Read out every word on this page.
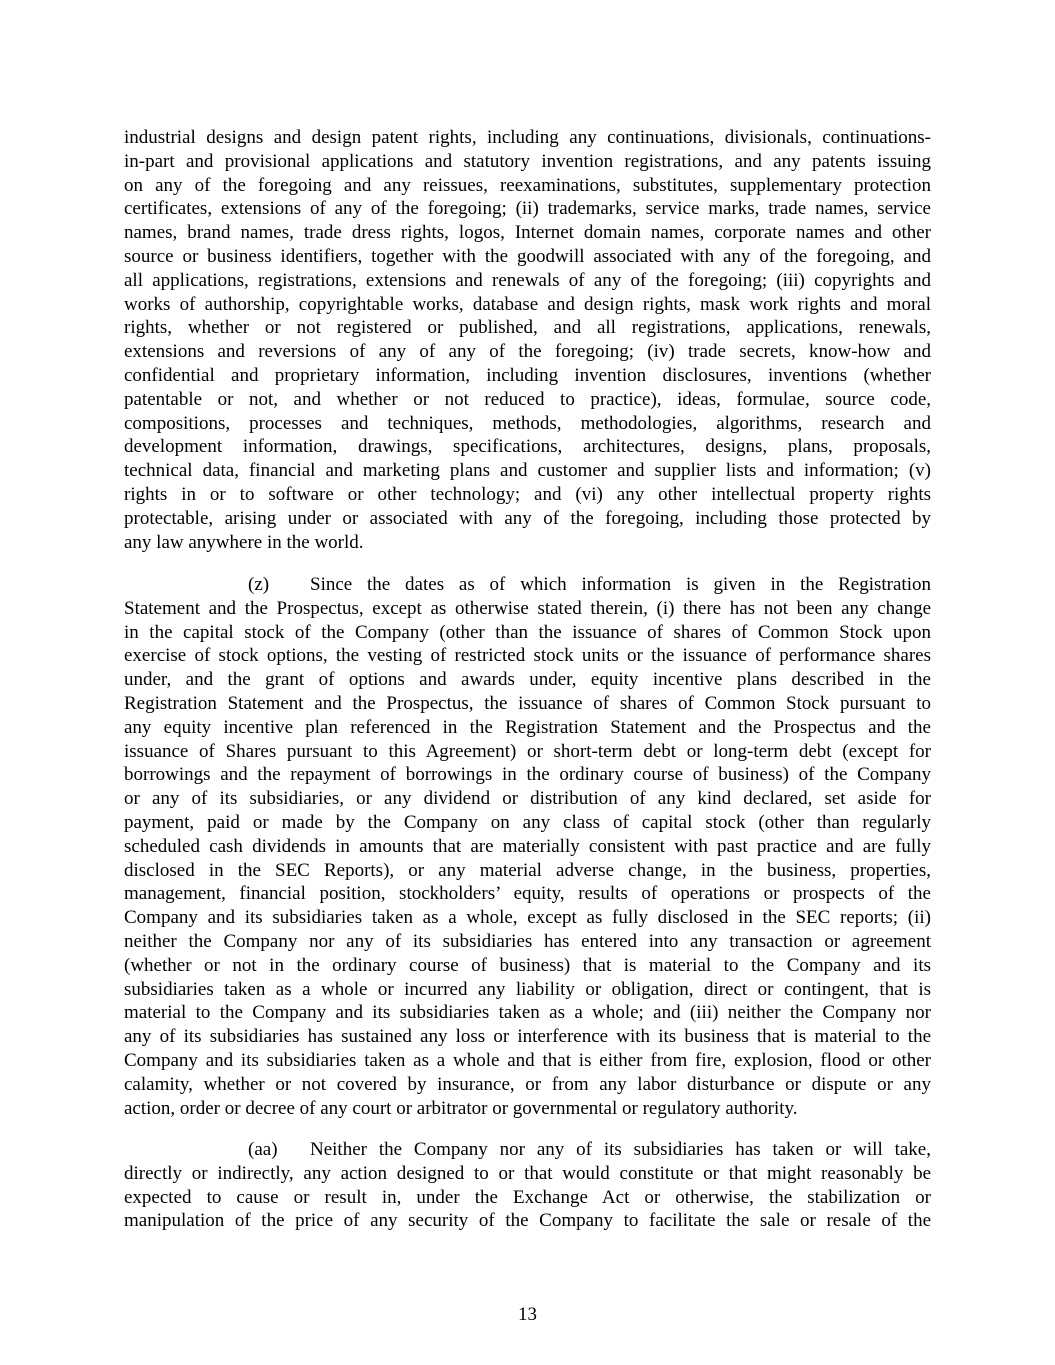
industrial designs and design patent rights, including any continuations, divisionals, continuations-
in-part and provisional applications and statutory invention registrations, and any patents issuing
on any of the foregoing and any reissues, reexaminations, substitutes, supplementary protection
certificates, extensions of any of the foregoing; (ii) trademarks, service marks, trade names, service
names, brand names, trade dress rights, logos, Internet domain names, corporate names and other
source or business identifiers, together with the goodwill associated with any of the foregoing, and
all applications, registrations, extensions and renewals of any of the foregoing; (iii) copyrights and
works of authorship, copyrightable works, database and design rights, mask work rights and moral
rights, whether or not registered or published, and all registrations, applications, renewals,
extensions and reversions of any of any of the foregoing; (iv) trade secrets, know-how and
confidential and proprietary information, including invention disclosures, inventions (whether
patentable or not, and whether or not reduced to practice), ideas, formulae, source code,
compositions, processes and techniques, methods, methodologies, algorithms, research and
development information, drawings, specifications, architectures, designs, plans, proposals,
technical data, financial and marketing plans and customer and supplier lists and information; (v)
rights in or to software or other technology; and (vi) any other intellectual property rights
protectable, arising under or associated with any of the foregoing, including those protected by
any law anywhere in the world.
(z)	Since the dates as of which information is given in the Registration
Statement and the Prospectus, except as otherwise stated therein, (i) there has not been any change
in the capital stock of the Company (other than the issuance of shares of Common Stock upon
exercise of stock options, the vesting of restricted stock units or the issuance of performance shares
under, and the grant of options and awards under, equity incentive plans described in the
Registration Statement and the Prospectus, the issuance of shares of Common Stock pursuant to
any equity incentive plan referenced in the Registration Statement and the Prospectus and the
issuance of Shares pursuant to this Agreement) or short-term debt or long-term debt (except for
borrowings and the repayment of borrowings in the ordinary course of business) of the Company
or any of its subsidiaries, or any dividend or distribution of any kind declared, set aside for
payment, paid or made by the Company on any class of capital stock (other than regularly
scheduled cash dividends in amounts that are materially consistent with past practice and are fully
disclosed in the SEC Reports), or any material adverse change, in the business, properties,
management, financial position, stockholders’ equity, results of operations or prospects of the
Company and its subsidiaries taken as a whole, except as fully disclosed in the SEC reports; (ii)
neither the Company nor any of its subsidiaries has entered into any transaction or agreement
(whether or not in the ordinary course of business) that is material to the Company and its
subsidiaries taken as a whole or incurred any liability or obligation, direct or contingent, that is
material to the Company and its subsidiaries taken as a whole; and (iii) neither the Company nor
any of its subsidiaries has sustained any loss or interference with its business that is material to the
Company and its subsidiaries taken as a whole and that is either from fire, explosion, flood or other
calamity, whether or not covered by insurance, or from any labor disturbance or dispute or any
action, order or decree of any court or arbitrator or governmental or regulatory authority.
(aa)	Neither the Company nor any of its subsidiaries has taken or will take,
directly or indirectly, any action designed to or that would constitute or that might reasonably be
expected to cause or result in, under the Exchange Act or otherwise, the stabilization or
manipulation of the price of any security of the Company to facilitate the sale or resale of the
13
